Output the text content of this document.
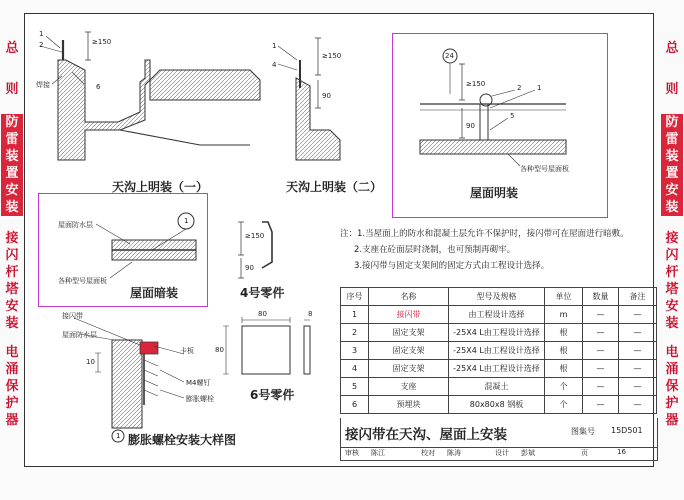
总
则
防
雷
装
置
安
装
接
闪
杆
塔
安
装
电
涌
保
护
器
总
则
防
雷
装
置
安
装
接
闪
杆
塔
安
装
电
涌
保
护
器
1
2
6
焊接
≥150	1
4
≥150
90
24
2 1
5
≥150
90
各种型号屋面板
屋面防水层
各种型号屋面板
1
≥150
90
80	8
80
接闪带
屋面防水层
卡板
M4螺钉
膨胀螺栓
10
1
天沟上明装（一）	天沟上明装（二）	屋面明装
屋面暗装	4号零件
6号零件
膨胀螺栓安装大样图
注：1.当屋面上的防水和混凝土层允许不保护时，接闪带可在屋面进行暗敷。
2.支座在砼面层时浇制，也可预制再砌牢。
3.接闪带与固定支架间的固定方式由工程设计选择。
序号	名称	型号及规格	单位	数量	备注
1	接闪带	由工程设计选择	m	—	—
2	固定支架	-25X4 L由工程设计选择	根	—	—
3	固定支架	-25X4 L由工程设计选择	根	—	—
4	固定支架	-25X4 L由工程设计选择	根	—	—
5	支座	混凝土	个	—	—
6	预埋块	80x80x8 钢板	个	—	—
接闪带在天沟、屋面上安装	图集号 15D501
审核 陈江	校对 陈涛	设计 彭斌	页	16
